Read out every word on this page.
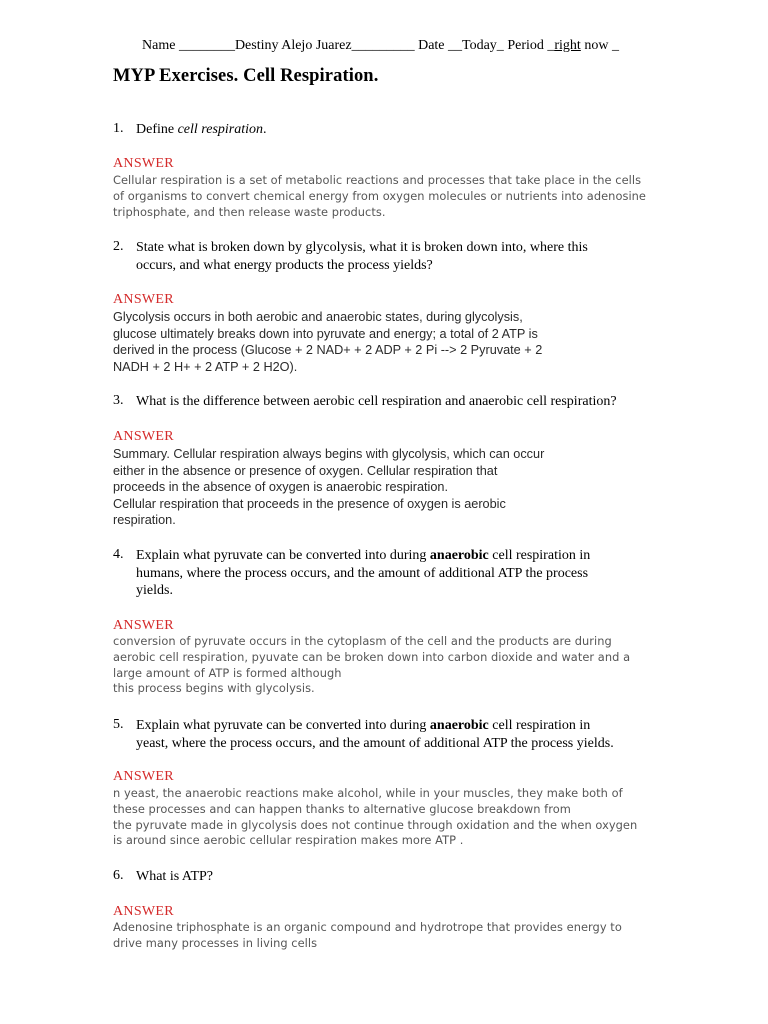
Name ________Destiny Alejo Juarez_________ Date __Today_ Period _right now _
MYP Exercises. Cell Respiration.
1. Define cell respiration.
ANSWER
Cellular respiration is a set of metabolic reactions and processes that take place in the cells
of organisms to convert chemical energy from oxygen molecules or nutrients into adenosine
triphosphate, and then release waste products.
2. State what is broken down by glycolysis, what it is broken down into, where this
occurs, and what energy products the process yields?
ANSWER
Glycolysis occurs in both aerobic and anaerobic states, during glycolysis,
glucose ultimately breaks down into pyruvate and energy; a total of 2 ATP is
derived in the process (Glucose + 2 NAD+ + 2 ADP + 2 Pi --> 2 Pyruvate + 2
NADH + 2 H+ + 2 ATP + 2 H2O).
3. What is the difference between aerobic cell respiration and anaerobic cell respiration?
ANSWER
Summary. Cellular respiration always begins with glycolysis, which can occur
either in the absence or presence of oxygen. Cellular respiration that
proceeds in the absence of oxygen is anaerobic respiration.
Cellular respiration that proceeds in the presence of oxygen is aerobic
respiration.
4. Explain what pyruvate can be converted into during anaerobic cell respiration in
humans, where the process occurs, and the amount of additional ATP the process
yields.
ANSWER
conversion of pyruvate occurs in the cytoplasm of the cell and the products are during
aerobic cell respiration, pyuvate can be broken down into carbon dioxide and water and a
large amount of ATP is formed although
this process begins with glycolysis.
5. Explain what pyruvate can be converted into during anaerobic cell respiration in
yeast, where the process occurs, and the amount of additional ATP the process yields.
ANSWER
n yeast, the anaerobic reactions make alcohol, while in your muscles, they make both of
these processes and can happen thanks to alternative glucose breakdown from
the pyruvate made in glycolysis does not continue through oxidation and the when oxygen
is around since aerobic cellular respiration makes more ATP .
6. What is ATP?
ANSWER
Adenosine triphosphate is an organic compound and hydrotrope that provides energy to
drive many processes in living cells
